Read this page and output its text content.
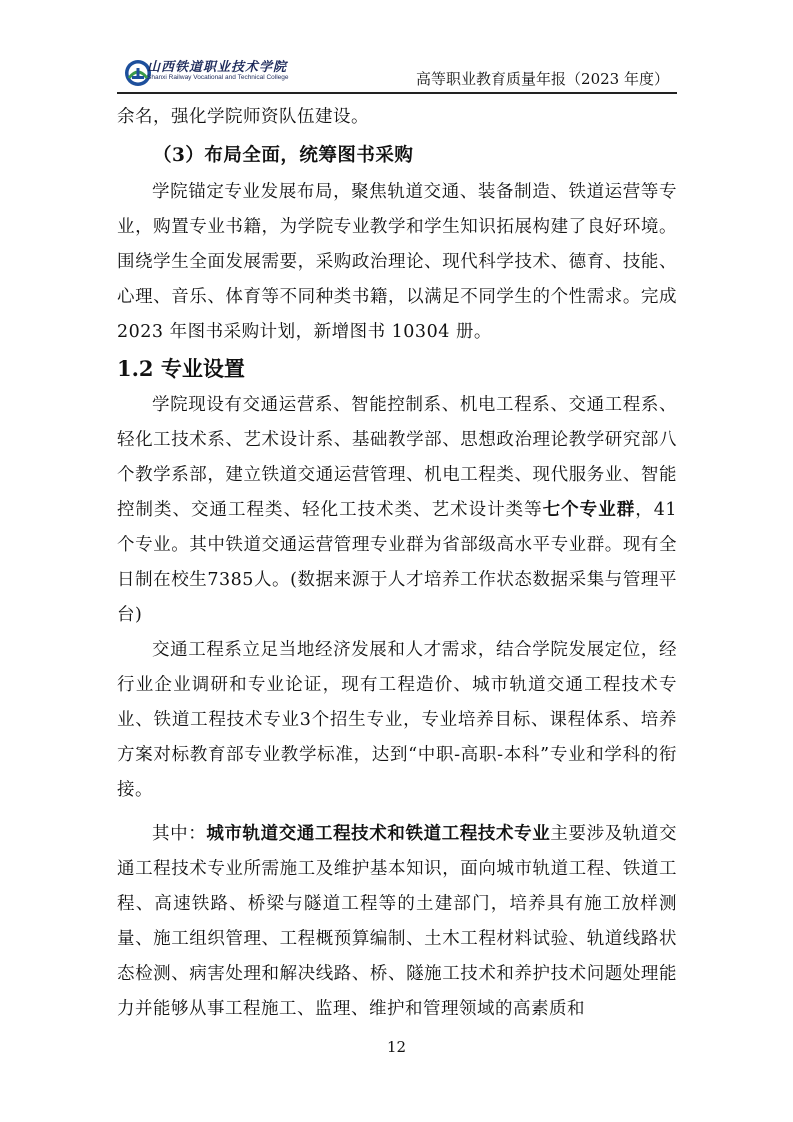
山西铁道职业技术学院
Shanxi Railway Vocational and Technical College	高等职业教育质量年报（2023 年度）

余名，强化学院师资队伍建设。

（3）布局全面，统筹图书采购

学院锚定专业发展布局，聚焦轨道交通、装备制造、铁道运营等专业，购置专业书籍，为学院专业教学和学生知识拓展构建了良好环境。围绕学生全面发展需要，采购政治理论、现代科学技术、德育、技能、心理、音乐、体育等不同种类书籍，以满足不同学生的个性需求。完成 2023 年图书采购计划，新增图书 10304 册。

1.2 专业设置

学院现设有交通运营系、智能控制系、机电工程系、交通工程系、轻化工技术系、艺术设计系、基础教学部、思想政治理论教学研究部八个教学系部，建立铁道交通运营管理、机电工程类、现代服务业、智能控制类、交通工程类、轻化工技术类、艺术设计类等七个专业群，41个专业。其中铁道交通运营管理专业群为省部级高水平专业群。现有全日制在校生7385人。(数据来源于人才培养工作状态数据采集与管理平台)

交通工程系立足当地经济发展和人才需求，结合学院发展定位，经行业企业调研和专业论证，现有工程造价、城市轨道交通工程技术专业、铁道工程技术专业3个招生专业，专业培养目标、课程体系、培养方案对标教育部专业教学标准，达到“中职-高职-本科”专业和学科的衔接。

其中：城市轨道交通工程技术和铁道工程技术专业主要涉及轨道交通工程技术专业所需施工及维护基本知识，面向城市轨道工程、铁道工程、高速铁路、桥梁与隧道工程等的土建部门，培养具有施工放样测量、施工组织管理、工程概预算编制、土木工程材料试验、轨道线路状态检测、病害处理和解决线路、桥、隧施工技术和养护技术问题处理能力并能够从事工程施工、监理、维护和管理领域的高素质和

12
